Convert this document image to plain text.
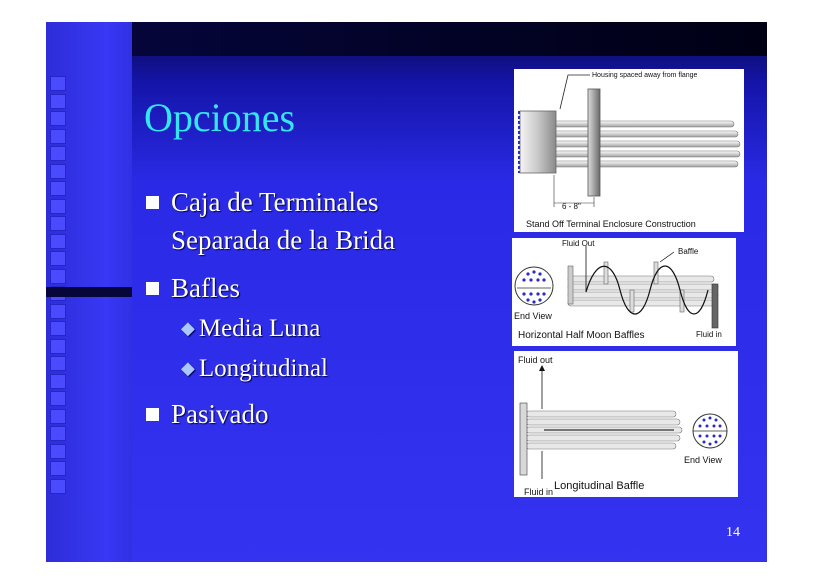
Opciones
Caja de Terminales
Separada de la Brida
Bafles
◆ Media Luna
◆ Longitudinal
Pasivado
Housing spaced away from flange
6 - 8"
Stand Off Terminal Enclosure Construction
End View
Fluid Out
Baffle
Horizontal Half Moon Baffles	Fluid in
Fluid out
Fluid in
End View
Longitudinal Baffle
14
